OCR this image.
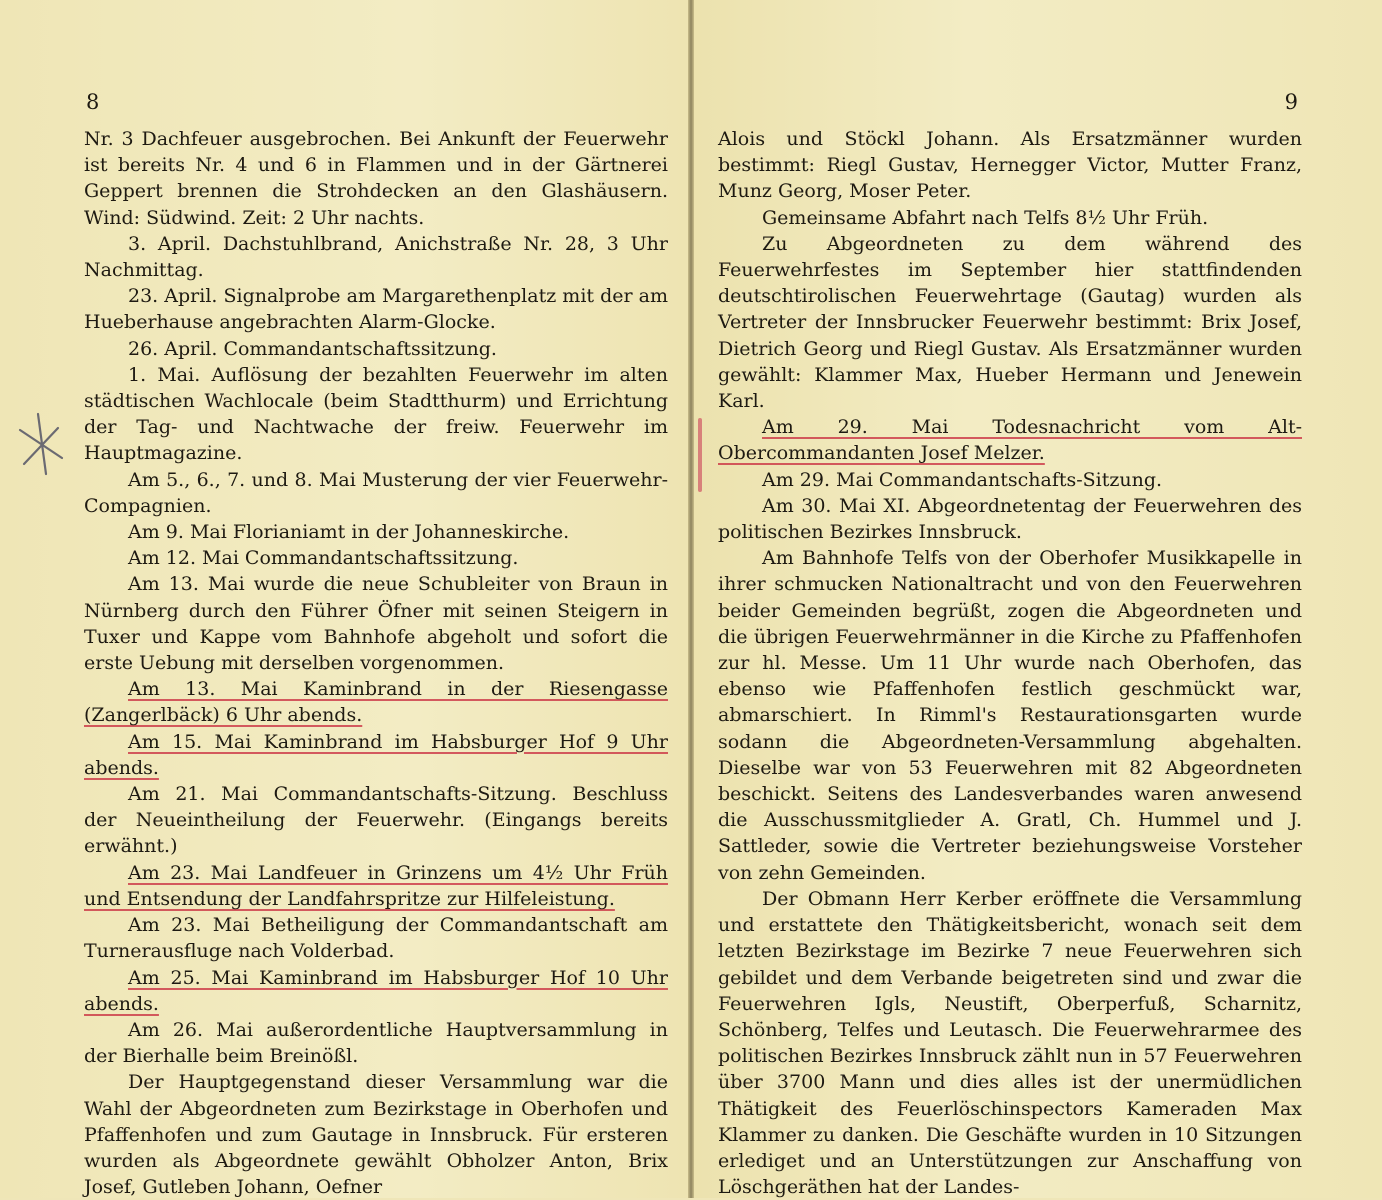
8

Nr. 3 Dachfeuer ausgebrochen. Bei Ankunft der Feuerwehr ist bereits Nr. 4 und 6 in Flammen und in der Gärtnerei Geppert brennen die Strohdecken an den Glashäusern. Wind: Südwind. Zeit: 2 Uhr nachts.

3. April. Dachstuhlbrand, Anichstraße Nr. 28, 3 Uhr Nachmittag.

23. April. Signalprobe am Margarethenplatz mit der am Hueberhause angebrachten Alarm-Glocke.

26. April. Commandantschaftssitzung.

1. Mai. Auflösung der bezahlten Feuerwehr im alten städtischen Wachlocale (beim Stadtthurm) und Errichtung der Tag- und Nachtwache der freiw. Feuerwehr im Hauptmagazine.

Am 5., 6., 7. und 8. Mai Musterung der vier Feuerwehr-Compagnien.

Am 9. Mai Florianiamt in der Johanneskirche.

Am 12. Mai Commandantschaftssitzung.

Am 13. Mai wurde die neue Schubleiter von Braun in Nürnberg durch den Führer Öfner mit seinen Steigern in Tuxer und Kappe vom Bahnhofe abgeholt und sofort die erste Uebung mit derselben vorgenommen.

Am 13. Mai Kaminbrand in der Riesengasse (Zangerlbäck) 6 Uhr abends.

Am 15. Mai Kaminbrand im Habsburger Hof 9 Uhr abends.

Am 21. Mai Commandantschafts-Sitzung. Beschluss der Neueintheilung der Feuerwehr. (Eingangs bereits erwähnt.)

Am 23. Mai Landfeuer in Grinzens um 4½ Uhr Früh und Entsendung der Landfahrspritze zur Hilfeleistung.

Am 23. Mai Betheiligung der Commandantschaft am Turnerausfluge nach Volderbad.

Am 25. Mai Kaminbrand im Habsburger Hof 10 Uhr abends.

Am 26. Mai außerordentliche Hauptversammlung in der Bierhalle beim Breinößl.

Der Hauptgegenstand dieser Versammlung war die Wahl der Abgeordneten zum Bezirkstage in Oberhofen und Pfaffenhofen und zum Gautage in Innsbruck. Für ersteren wurden als Abgeordnete gewählt Obholzer Anton, Brix Josef, Gutleben Johann, Oefner

9

Alois und Stöckl Johann. Als Ersatzmänner wurden bestimmt: Riegl Gustav, Hernegger Victor, Mutter Franz, Munz Georg, Moser Peter.

Gemeinsame Abfahrt nach Telfs 8½ Uhr Früh.

Zu Abgeordneten zu dem während des Feuerwehrfestes im September hier stattfindenden deutschtirolischen Feuerwehrtage (Gautag) wurden als Vertreter der Innsbrucker Feuerwehr bestimmt: Brix Josef, Dietrich Georg und Riegl Gustav. Als Ersatzmänner wurden gewählt: Klammer Max, Hueber Hermann und Jenewein Karl.

Am 29. Mai Todesnachricht vom Alt-Obercommandanten Josef Melzer.

Am 29. Mai Commandantschafts-Sitzung.

Am 30. Mai XI. Abgeordnetentag der Feuerwehren des politischen Bezirkes Innsbruck.

Am Bahnhofe Telfs von der Oberhofer Musikkapelle in ihrer schmucken Nationaltracht und von den Feuerwehren beider Gemeinden begrüßt, zogen die Abgeordneten und die übrigen Feuerwehrmänner in die Kirche zu Pfaffenhofen zur hl. Messe. Um 11 Uhr wurde nach Oberhofen, das ebenso wie Pfaffenhofen festlich geschmückt war, abmarschiert. In Rimml's Restaurationsgarten wurde sodann die Abgeordneten-Versammlung abgehalten. Dieselbe war von 53 Feuerwehren mit 82 Abgeordneten beschickt. Seitens des Landesverbandes waren anwesend die Ausschussmitglieder A. Gratl, Ch. Hummel und J. Sattleder, sowie die Vertreter beziehungsweise Vorsteher von zehn Gemeinden.

Der Obmann Herr Kerber eröffnete die Versammlung und erstattete den Thätigkeitsbericht, wonach seit dem letzten Bezirkstage im Bezirke 7 neue Feuerwehren sich gebildet und dem Verbande beigetreten sind und zwar die Feuerwehren Igls, Neustift, Oberperfuß, Scharnitz, Schönberg, Telfes und Leutasch. Die Feuerwehrarmee des politischen Bezirkes Innsbruck zählt nun in 57 Feuerwehren über 3700 Mann und dies alles ist der unermüdlichen Thätigkeit des Feuerlöschinspectors Kameraden Max Klammer zu danken. Die Geschäfte wurden in 10 Sitzungen erlediget und an Unterstützungen zur Anschaffung von Löschgeräthen hat der Landes-
